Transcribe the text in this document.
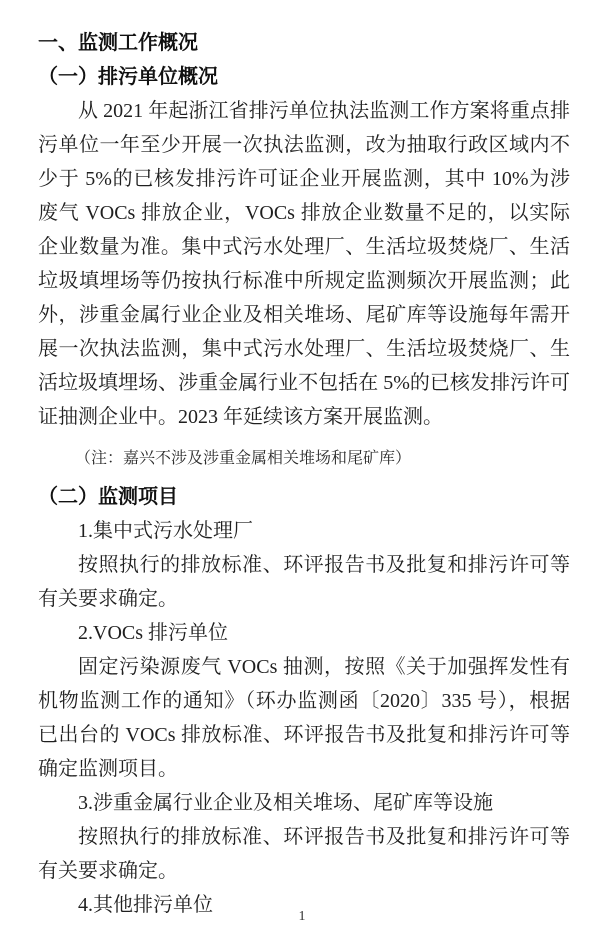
一、监测工作概况
（一）排污单位概况

从 2021 年起浙江省排污单位执法监测工作方案将重点排污单位一年至少开展一次执法监测，改为抽取行政区域内不少于 5%的已核发排污许可证企业开展监测，其中 10%为涉废气 VOCs 排放企业，VOCs 排放企业数量不足的，以实际企业数量为准。集中式污水处理厂、生活垃圾焚烧厂、生活垃圾填埋场等仍按执行标准中所规定监测频次开展监测；此外，涉重金属行业企业及相关堆场、尾矿库等设施每年需开展一次执法监测，集中式污水处理厂、生活垃圾焚烧厂、生活垃圾填埋场、涉重金属行业不包括在 5%的已核发排污许可证抽测企业中。2023 年延续该方案开展监测。

（注：嘉兴不涉及涉重金属相关堆场和尾矿库）
（二）监测项目

1.集中式污水处理厂

按照执行的排放标准、环评报告书及批复和排污许可等有关要求确定。

2.VOCs 排污单位

固定污染源废气 VOCs 抽测，按照《关于加强挥发性有机物监测工作的通知》（环办监测函〔2020〕335 号），根据已出台的 VOCs 排放标准、环评报告书及批复和排污许可等确定监测项目。

3.涉重金属行业企业及相关堆场、尾矿库等设施

按照执行的排放标准、环评报告书及批复和排污许可等有关要求确定。

4.其他排污单位

1
